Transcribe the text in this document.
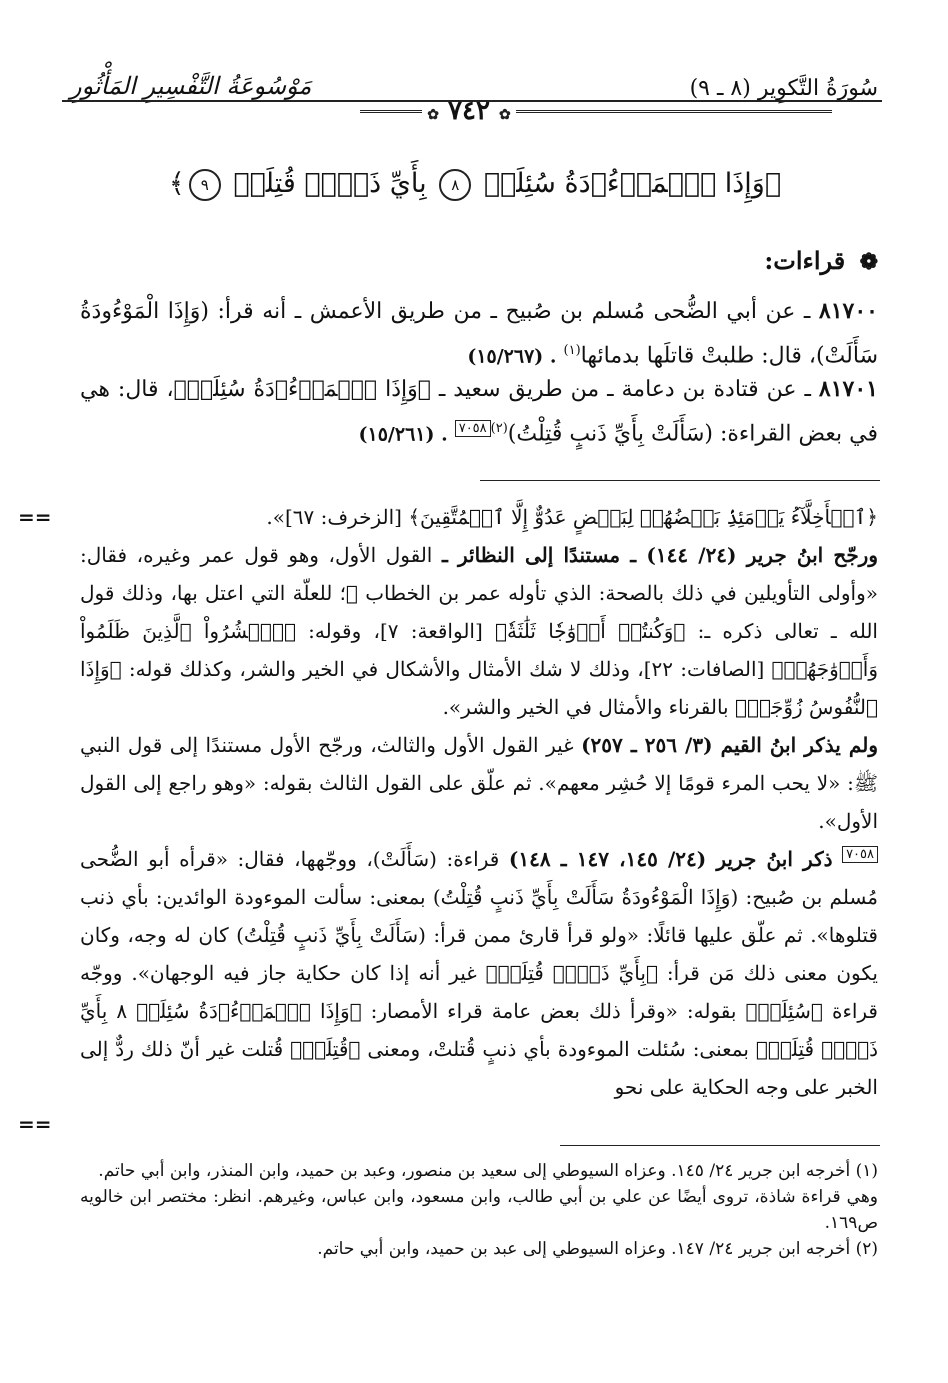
مَوْسُوعَةُ التَّفْسِيرِ المَأْثُورِ	سُورَةُ التَّكوِير (٨ ـ ٩)
✿ ٧٤٢ ✿
﴿وَإِذَا ٱلۡمَوۡءُۥدَةُ سُئِلَتۡ ٨ بِأَيِّ ذَنۢبٖ قُتِلَتۡ ٩﴾
❁ قراءات:
٨١٧٠٠ ـ عن أبي الضُّحى مُسلم بن صُبيح ـ من طريق الأعمش ـ أنه قرأ: (وَإِذَا الْمَوْءُودَةُ سَأَلَتْ)، قال: طلبتْ قاتلَها بدمائها$^{(١)}$ . (١٥/٢٦٧)
٨١٧٠١ ـ عن قتادة بن دعامة ـ من طريق سعيد ـ ﴿وَإِذَا ٱلۡمَوۡءُۥدَةُ سُئِلَتۡ﴾، قال: هي في بعض القراءة: (سَأَلَتْ بِأَيِّ ذَنبٍ قُتِلْتُ)$^{(٢)}$٧٠٥٨ . (١٥/٢٦١)
==	﴿ٱلۡأَخِلَّآءُ يَوۡمَئِذِۢ بَعۡضُهُمۡ لِبَعۡضٍ عَدُوٌّ إِلَّا ٱلۡمُتَّقِينَ﴾ [الزخرف: ٦٧]».
ورجّح ابنُ جرير (٢٤/ ١٤٤) ـ مستندًا إلى النظائر ـ القول الأول، وهو قول عمر وغيره، فقال: «وأولى التأويلين في ذلك بالصحة: الذي تأوله عمر بن الخطاب ﷺ؛ للعلّة التي اعتل بها، وذلك قول الله ـ تعالى ذكره ـ: ﴿وَكُنتُمۡ أَزۡوَٰجٗا ثَلَٰثَةٗ﴾ [الواقعة: ٧]، وقوله: ﴿ٱحۡشُرُواْ ٱلَّذِينَ ظَلَمُواْ وَأَزۡوَٰجَهُمۡ﴾ [الصافات: ٢٢]، وذلك لا شك الأمثال والأشكال في الخير والشر، وكذلك قوله: ﴿وَإِذَا ٱلنُّفُوسُ زُوِّجَتۡ﴾ بالقرناء والأمثال في الخير والشر».
ولم يذكر ابنُ القيم (٣/ ٢٥٦ ـ ٢٥٧) غير القول الأول والثالث، ورجّح الأول مستندًا إلى قول النبي ﷺ: «لا يحب المرء قومًا إلا حُشِر معهم». ثم علّق على القول الثالث بقوله: «وهو راجع إلى القول الأول».
٧٠٥٨ ذكر ابنُ جرير (٢٤/ ١٤٥، ١٤٧ ـ ١٤٨) قراءة: (سَأَلَتْ)، ووجّهها، فقال: «قرأه أبو الضُّحى مُسلم بن صُبيح: (وَإِذَا الْمَوْءُودَةُ سَأَلَتْ بِأَيِّ ذَنبٍ قُتِلْتُ) بمعنى: سألت الموءودة الوائدين: بأي ذنب قتلوها». ثم علّق عليها قائلًا: «ولو قرأ قارئ ممن قرأ: (سَأَلَتْ بِأَيِّ ذَنبٍ قُتِلْتُ) كان له وجه، وكان يكون معنى ذلك مَن قرأ: ﴿بِأَيِّ ذَنۢبٖ قُتِلَتۡ﴾ غير أنه إذا كان حكاية جاز فيه الوجهان». ووجّه قراءة ﴿سُئِلَتۡ﴾ بقوله: «وقرأ ذلك بعض عامة قراء الأمصار: ﴿وَإِذَا ٱلۡمَوۡءُۥدَةُ سُئِلَتۡ ٨ بِأَيِّ ذَنۢبٖ قُتِلَتۡ﴾ بمعنى: سُئلت الموءودة بأي ذنبٍ قُتلتْ، ومعنى ﴿قُتِلَتۡ﴾ قُتلت غير أنّ ذلك ردٌّ إلى الخبر على وجه الحكاية على نحو
==
(١) أخرجه ابن جرير ٢٤/ ١٤٥. وعزاه السيوطي إلى سعيد بن منصور، وعبد بن حميد، وابن المنذر، وابن أبي حاتم.
وهي قراءة شاذة، تروى أيضًا عن علي بن أبي طالب، وابن مسعود، وابن عباس، وغيرهم. انظر: مختصر ابن خالويه ص١٦٩.
(٢) أخرجه ابن جرير ٢٤/ ١٤٧. وعزاه السيوطي إلى عبد بن حميد، وابن أبي حاتم.
